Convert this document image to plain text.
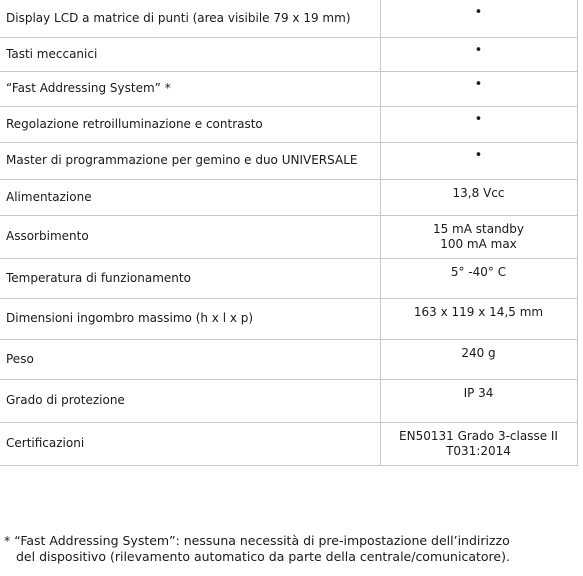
Display LCD a matrice di punti (area visibile 79 x 19 mm)	•

Tasti meccanici	•

“Fast Addressing System” *	•

Regolazione retroilluminazione e contrasto	•

Master di programmazione per gemino e duo UNIVERSALE	•

Alimentazione	13,8 Vcc

Assorbimento	15 mA standby
100 mA max

Temperatura di funzionamento	5° -40° C

Dimensioni ingombro massimo (h x l x p)	163 x 119 x 14,5 mm

Peso	240 g

Grado di protezione	IP 34

Certificazioni	EN50131 Grado 3-classe II
T031:2014
* “Fast Addressing System”: nessuna necessità di pre-impostazione dell’indirizzo
del dispositivo (rilevamento automatico da parte della centrale/comunicatore).
